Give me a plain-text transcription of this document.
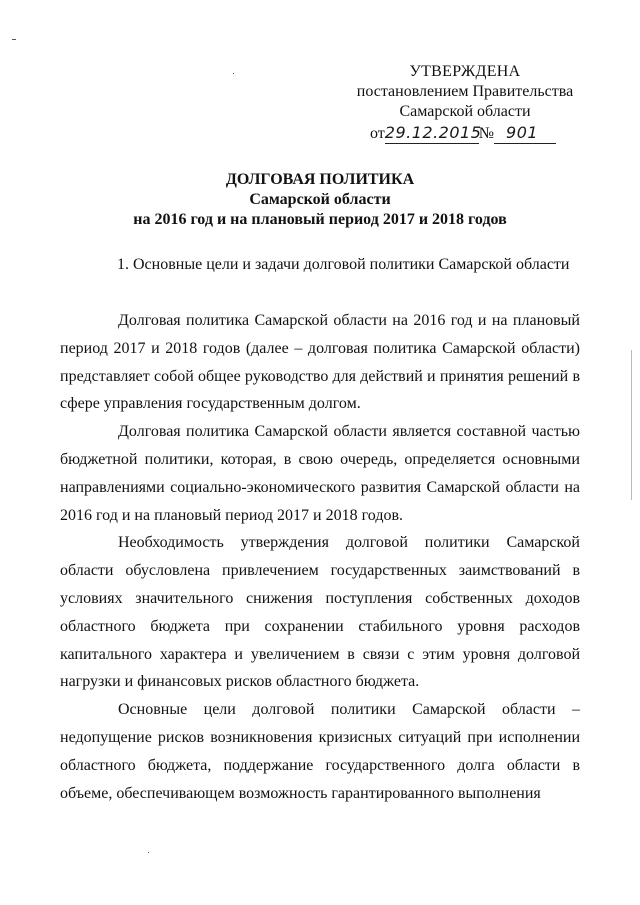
УТВЕРЖДЕНА
постановлением Правительства
Самарской области
от29.12.2015№ 901
ДОЛГОВАЯ ПОЛИТИКА
Самарской области
на 2016 год и на плановый период 2017 и 2018 годов
1. Основные цели и задачи долговой политики Самарской области

Долговая политика Самарской области на 2016 год и на плановый период 2017 и 2018 годов (далее – долговая политика Самарской области) представляет собой общее руководство для действий и принятия решений в сфере управления государственным долгом.

Долговая политика Самарской области является составной частью бюджетной политики, которая, в свою очередь, определяется основными направлениями социально-экономического развития Самарской области на 2016 год и на плановый период 2017 и 2018 годов.

Необходимость утверждения долговой политики Самарской области обусловлена привлечением государственных заимствований в условиях значительного снижения поступления собственных доходов областного бюджета при сохранении стабильного уровня расходов капитального характера и увеличением в связи с этим уровня долговой нагрузки и финансовых рисков областного бюджета.

Основные цели долговой политики Самарской области – недопущение рисков возникновения кризисных ситуаций при исполнении областного бюджета, поддержание государственного долга области в объеме, обеспечивающем возможность гарантированного выполнения
